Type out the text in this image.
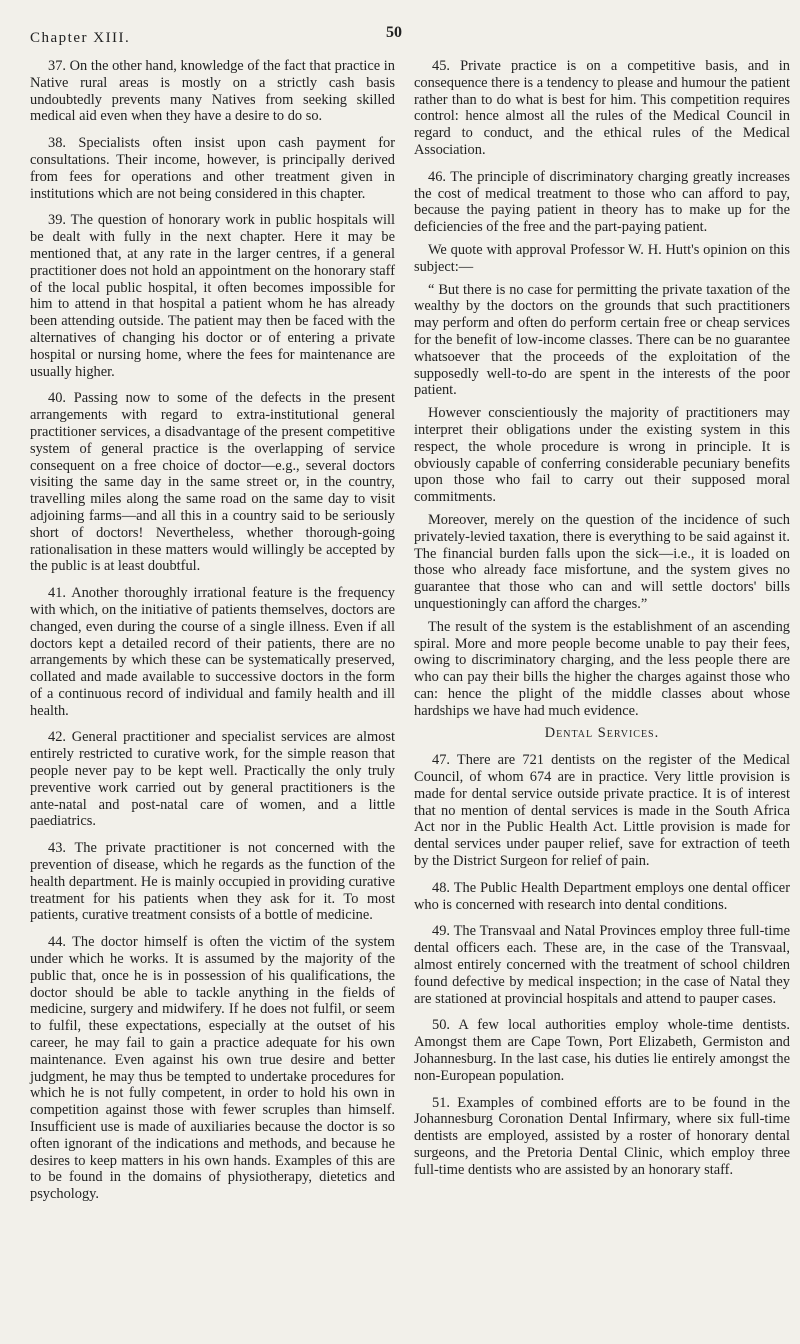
Chapter XIII.	50

37. On the other hand, knowledge of the fact that practice in Native rural areas is mostly on a strictly cash basis undoubtedly prevents many Natives from seeking skilled medical aid even when they have a desire to do so.

38. Specialists often insist upon cash payment for consultations. Their income, however, is principally derived from fees for operations and other treatment given in institutions which are not being considered in this chapter.

39. The question of honorary work in public hospitals will be dealt with fully in the next chapter. Here it may be mentioned that, at any rate in the larger centres, if a general practitioner does not hold an appointment on the honorary staff of the local public hospital, it often becomes impossible for him to attend in that hospital a patient whom he has already been attending outside. The patient may then be faced with the alternatives of changing his doctor or of entering a private hospital or nursing home, where the fees for maintenance are usually higher.

40. Passing now to some of the defects in the present arrangements with regard to extra-institutional general practitioner services, a disadvantage of the present competitive system of general practice is the overlapping of service consequent on a free choice of doctor—e.g., several doctors visiting the same day in the same street or, in the country, travelling miles along the same road on the same day to visit adjoining farms—and all this in a country said to be seriously short of doctors! Nevertheless, whether thorough-going rationalisation in these matters would willingly be accepted by the public is at least doubtful.

41. Another thoroughly irrational feature is the frequency with which, on the initiative of patients themselves, doctors are changed, even during the course of a single illness. Even if all doctors kept a detailed record of their patients, there are no arrangements by which these can be systematically preserved, collated and made available to successive doctors in the form of a continuous record of individual and family health and ill health.

42. General practitioner and specialist services are almost entirely restricted to curative work, for the simple reason that people never pay to be kept well. Practically the only truly preventive work carried out by general practitioners is the ante-natal and post-natal care of women, and a little paediatrics.

43. The private practitioner is not concerned with the prevention of disease, which he regards as the function of the health department. He is mainly occupied in providing curative treatment for his patients when they ask for it. To most patients, curative treatment consists of a bottle of medicine.

44. The doctor himself is often the victim of the system under which he works. It is assumed by the majority of the public that, once he is in possession of his qualifications, the doctor should be able to tackle anything in the fields of medicine, surgery and midwifery. If he does not fulfil, or seem to fulfil, these expectations, especially at the outset of his career, he may fail to gain a practice adequate for his own maintenance. Even against his own true desire and better judgment, he may thus be tempted to undertake procedures for which he is not fully competent, in order to hold his own in competition against those with fewer scruples than himself. Insufficient use is made of auxiliaries because the doctor is so often ignorant of the indications and methods, and because he desires to keep matters in his own hands. Examples of this are to be found in the domains of physiotherapy, dietetics and psychology.

45. Private practice is on a competitive basis, and in consequence there is a tendency to please and humour the patient rather than to do what is best for him. This competition requires control: hence almost all the rules of the Medical Council in regard to conduct, and the ethical rules of the Medical Association.

46. The principle of discriminatory charging greatly increases the cost of medical treatment to those who can afford to pay, because the paying patient in theory has to make up for the deficiencies of the free and the part-paying patient.

We quote with approval Professor W. H. Hutt's opinion on this subject:—

“ But there is no case for permitting the private taxation of the wealthy by the doctors on the grounds that such practitioners may perform and often do perform certain free or cheap services for the benefit of low-income classes. There can be no guarantee whatsoever that the proceeds of the exploitation of the supposedly well-to-do are spent in the interests of the poor patient.

However conscientiously the majority of practitioners may interpret their obligations under the existing system in this respect, the whole procedure is wrong in principle. It is obviously capable of conferring considerable pecuniary benefits upon those who fail to carry out their supposed moral commitments.

Moreover, merely on the question of the incidence of such privately-levied taxation, there is everything to be said against it. The financial burden falls upon the sick—i.e., it is loaded on those who already face misfortune, and the system gives no guarantee that those who can and will settle doctors' bills unquestioningly can afford the charges.”

The result of the system is the establishment of an ascending spiral. More and more people become unable to pay their fees, owing to discriminatory charging, and the less people there are who can pay their bills the higher the charges against those who can: hence the plight of the middle classes about whose hardships we have had much evidence.

Dental Services.

47. There are 721 dentists on the register of the Medical Council, of whom 674 are in practice. Very little provision is made for dental service outside private practice. It is of interest that no mention of dental services is made in the South Africa Act nor in the Public Health Act. Little provision is made for dental services under pauper relief, save for extraction of teeth by the District Surgeon for relief of pain.

48. The Public Health Department employs one dental officer who is concerned with research into dental conditions.

49. The Transvaal and Natal Provinces employ three full-time dental officers each. These are, in the case of the Transvaal, almost entirely concerned with the treatment of school children found defective by medical inspection; in the case of Natal they are stationed at provincial hospitals and attend to pauper cases.

50. A few local authorities employ whole-time dentists. Amongst them are Cape Town, Port Elizabeth, Germiston and Johannesburg. In the last case, his duties lie entirely amongst the non-European population.

51. Examples of combined efforts are to be found in the Johannesburg Coronation Dental Infirmary, where six full-time dentists are employed, assisted by a roster of honorary dental surgeons, and the Pretoria Dental Clinic, which employ three full-time dentists who are assisted by an honorary staff.
